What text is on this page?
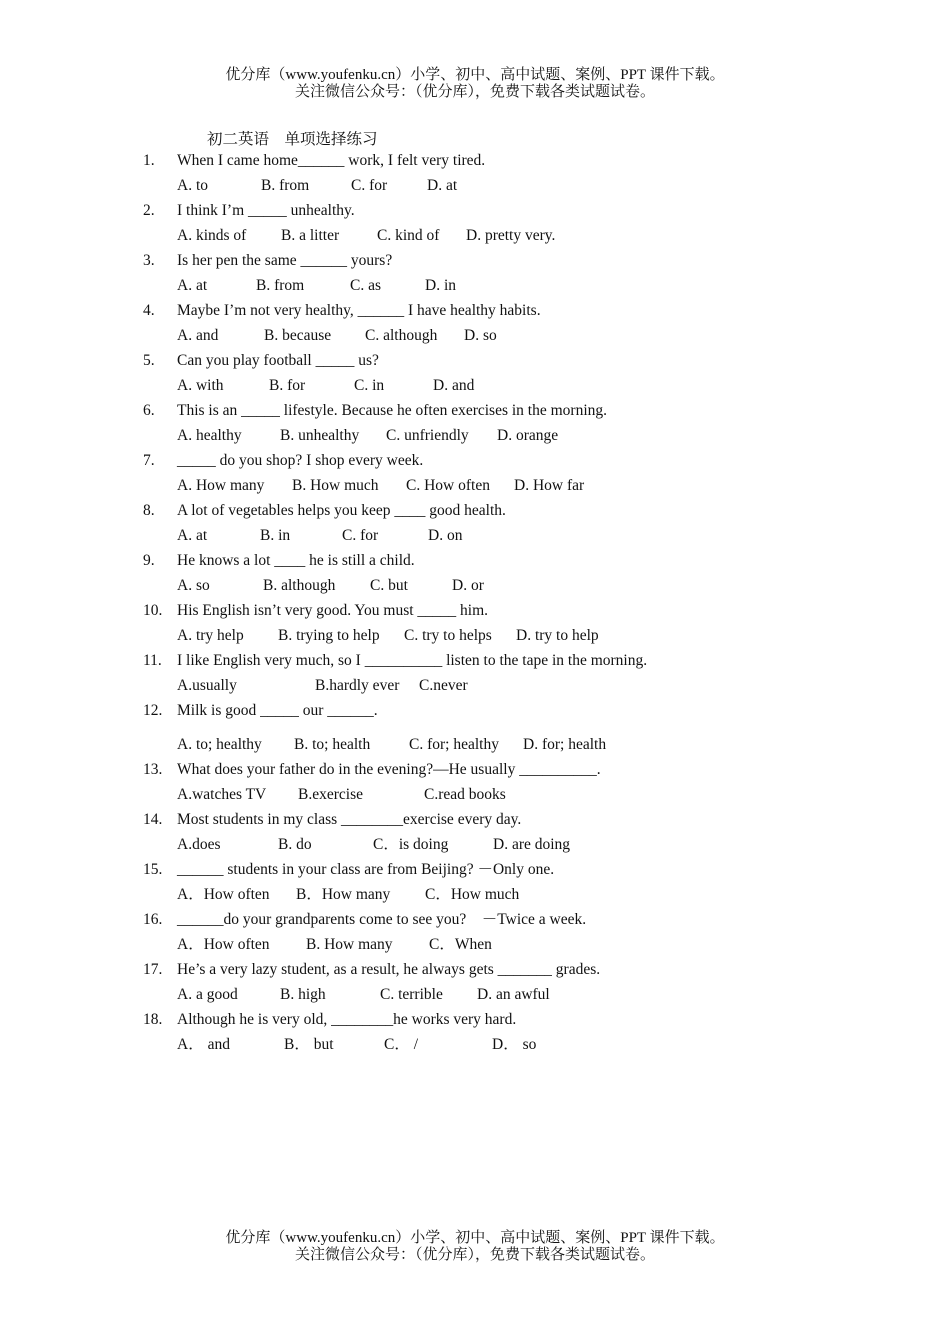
优分库（www.youfenku.cn）小学、初中、高中试题、案例、PPT 课件下载。
关注微信公众号：（优分库），免费下载各类试题试卷。
初二英语　单项选择练习
1. When I came home______ work, I felt very tired.
A. to	B. from	C. for	D. at
2. I think I’m _____ unhealthy.
A. kinds of B. a litter C. kind of D. pretty very.
3. Is her pen the same ______ yours?
A. at	B. from	C. as	D. in
4. Maybe I’m not very healthy, ______ I have healthy habits.
A. and	B. because C. although D. so
5. Can you play football _____ us?
A. with	B. for	C. in	D. and
6. This is an _____ lifestyle. Because he often exercises in the morning.
A. healthy B. unhealthy C. unfriendly D. orange
7. _____ do you shop? I shop every week.
A. How many B. How much C. How often D. How far
8. A lot of vegetables helps you keep ____ good health.
A. at	B. in	C. for	D. on
9. He knows a lot ____ he is still a child.
A. so	B. although C. but	D. or
10. His English isn’t very good. You must _____ him.
A. try help B. trying to help C. try to helps D. try to help
11. I like English very much, so I __________ listen to the tape in the morning.
A.usually	B.hardly ever C.never
12. Milk is good _____ our ______.
A. to; healthy B. to; health	C. for; healthy D. for; health
13. What does your father do in the evening?—He usually __________.
A.watches TV B.exercise	C.read books
14. Most students in my class ________exercise every day.
A.does	B. do	C．is doing	D. are doing
15. ______ students in your class are from Beijing? －Only one.
A．How often B．How many C．How much
16. ______do your grandparents come to see you?　－Twice a week.
A．How often B. How many C．When
17. He’s a very lazy student, as a result, he always gets _______ grades.
A. a good	B. high	C. terrible D. an awful
18. Although he is very old, ________he works very hard.
A． and	B． but	C． /	D． so
优分库（www.youfenku.cn）小学、初中、高中试题、案例、PPT 课件下载。
关注微信公众号：（优分库），免费下载各类试题试卷。
